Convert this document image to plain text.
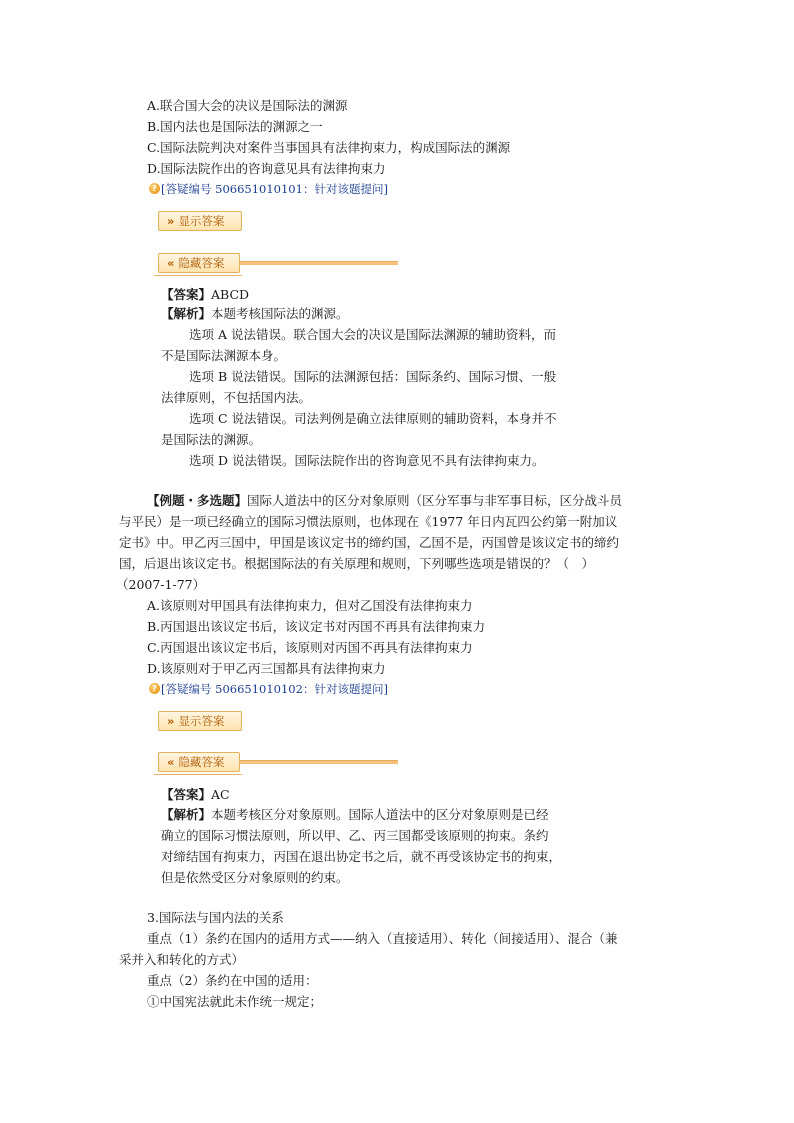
A.联合国大会的决议是国际法的渊源
B.国内法也是国际法的渊源之一
C.国际法院判决对案件当事国具有法律拘束力，构成国际法的渊源
D.国际法院作出的咨询意见具有法律拘束力
? [答疑编号 506651010101：针对该题提问]
» 显示答案
« 隐藏答案
【答案】ABCD
【解析】本题考核国际法的渊源。
选项 A 说法错误。联合国大会的决议是国际法渊源的辅助资料，而
不是国际法渊源本身。
选项 B 说法错误。国际的法渊源包括：国际条约、国际习惯、一般
法律原则，不包括国内法。
选项 C 说法错误。司法判例是确立法律原则的辅助资料，本身并不
是国际法的渊源。
选项 D 说法错误。国际法院作出的咨询意见不具有法律拘束力。
【例题・多选题】国际人道法中的区分对象原则（区分军事与非军事目标，区分战斗员
与平民）是一项已经确立的国际习惯法原则，也体现在《1977 年日内瓦四公约第一附加议
定书》中。甲乙丙三国中，甲国是该议定书的缔约国，乙国不是，丙国曾是该议定书的缔约
国，后退出该议定书。根据国际法的有关原理和规则，下列哪些选项是错误的？（　）
（2007-1-77）
A.该原则对甲国具有法律拘束力，但对乙国没有法律拘束力
B.丙国退出该议定书后，该议定书对丙国不再具有法律拘束力
C.丙国退出该议定书后，该原则对丙国不再具有法律拘束力
D.该原则对于甲乙丙三国都具有法律拘束力
? [答疑编号 506651010102：针对该题提问]
» 显示答案
« 隐藏答案
【答案】AC
【解析】本题考核区分对象原则。国际人道法中的区分对象原则是已经
确立的国际习惯法原则，所以甲、乙、丙三国都受该原则的拘束。条约
对缔结国有拘束力，丙国在退出协定书之后，就不再受该协定书的拘束，
但是依然受区分对象原则的约束。
3.国际法与国内法的关系
重点（1）条约在国内的适用方式——纳入（直接适用）、转化（间接适用）、混合（兼
采并入和转化的方式）
重点（2）条约在中国的适用：
①中国宪法就此未作统一规定；
